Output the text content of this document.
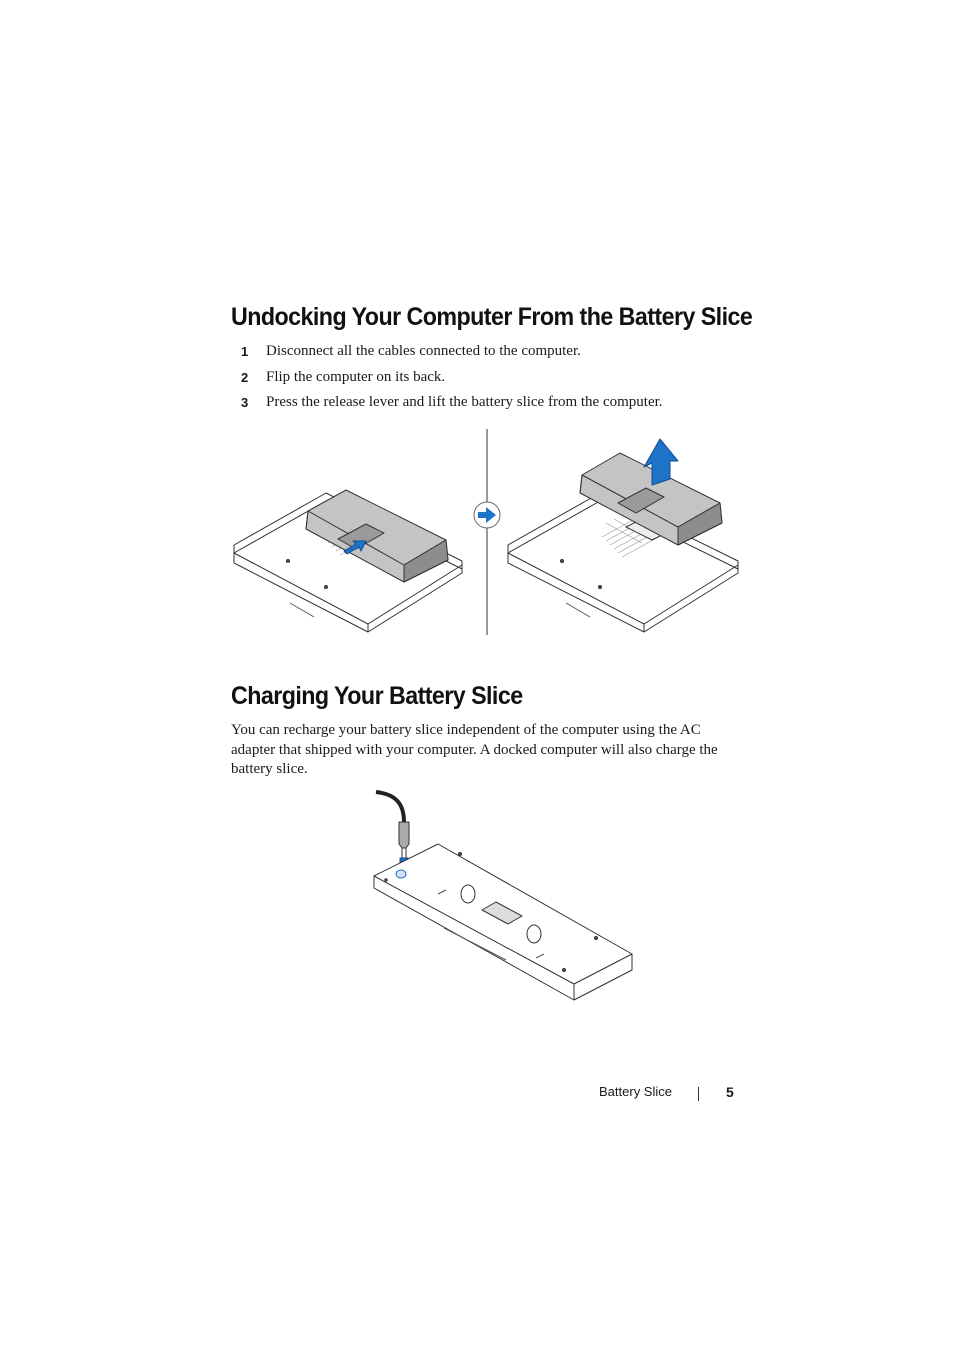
Undocking Your Computer From the Battery Slice
1 Disconnect all the cables connected to the computer.
2 Flip the computer on its back.
3 Press the release lever and lift the battery slice from the computer.
Charging Your Battery Slice

You can recharge your battery slice independent of the computer using the AC adapter that shipped with your computer. A docked computer will also charge the battery slice.

Battery Slice	5
